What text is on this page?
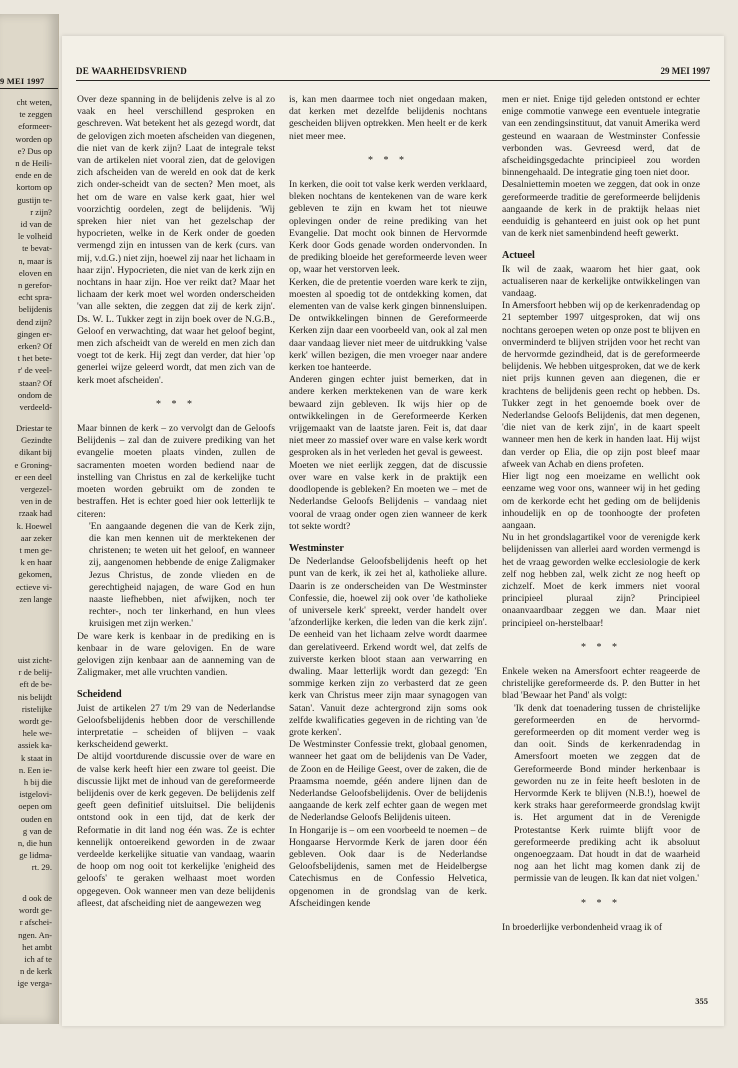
9 MEI 1997
cht weten,
te zeggen
eformeer-
worden op
e? Dus op
n de Heili-
ende en de
kortom op
gustijn te-
r zijn?
id van de
le volheid
te bevat-
n, maar is
eloven en
n gerefor-
echt spra-
belijdenis
dend zijn?
gingen er-
erken? Of
t het bete-
r' de veel-
staan? Of
ondom de
verdeeld-
Driestar te
Gezindte
dikant bij
e Groning-
er een deel
vergezel-
ven in de
rzaak had
k. Hoewel
aar zeker
t men ge-
k en haar
gekomen,
ectieve vi-
zen lange
uist zicht-
r de belij-
eft de be-
nis belijdt
ristelijke
wordt ge-
hele we-
assiek ka-
k staat in
n. Een ie-
h bij die
istgelovi-
oepen om
ouden en
g van de
n, die hun
ge lidma-
rt. 29.
d ook de
wordt ge-
r afschei-
ngen. An-
het ambt
ich af te
n de kerk
ige verga-
DE WAARHEIDSVRIEND	29 MEI 1997

Over deze spanning in de belijdenis zelve is al zo vaak en heel verschillend gesproken en geschreven. Wat betekent het als gezegd wordt, dat de gelovigen zich moeten afscheiden van diegenen, die niet van de kerk zijn? Laat de integrale tekst van de artikelen niet vooral zien, dat de gelovigen zich afscheiden van de wereld en ook dat de kerk zich onder-scheidt van de secten? Men moet, als het om de ware en valse kerk gaat, hier wel voorzichtig oordelen, zegt de belijdenis. 'Wij spreken hier niet van het gezelschap der hypocrieten, welke in de Kerk onder de goeden vermengd zijn en intussen van de kerk (curs. van mij, v.d.G.) niet zijn, hoewel zij naar het lichaam in haar zijn'. Hypocrieten, die niet van de kerk zijn en nochtans in haar zijn. Hoe ver reikt dat? Maar het lichaam der kerk moet wel worden onderscheiden 'van alle sekten, die zeggen dat zij de kerk zijn'. Ds. W. L. Tukker zegt in zijn boek over de N.G.B., Geloof en verwachting, dat waar het geloof begint, men zich afscheidt van de wereld en men zich dan voegt tot de kerk. Hij zegt dan verder, dat hier 'op generlei wijze geleerd wordt, dat men zich van de kerk moet afscheiden'.

* * *

Maar binnen de kerk – zo vervolgt dan de Geloofs Belijdenis – zal dan de zuivere prediking van het evangelie moeten plaats vinden, zullen de sacramenten moeten worden bediend naar de instelling van Christus en zal de kerkelijke tucht moeten worden gebruikt om de zonden te bestraffen. Het is echter goed hier ook letterlijk te citeren:

'En aangaande degenen die van de Kerk zijn, die kan men kennen uit de merktekenen der christenen; te weten uit het geloof, en wanneer zij, aangenomen hebbende de enige Zaligmaker Jezus Christus, de zonde vlieden en de gerechtigheid najagen, de ware God en hun naaste liefhebben, niet afwijken, noch ter rechter-, noch ter linkerhand, en hun vlees kruisigen met zijn werken.'

De ware kerk is kenbaar in de prediking en is kenbaar in de ware gelovigen. En de ware gelovigen zijn kenbaar aan de aanneming van de Zaligmaker, met alle vruchten vandien.

Scheidend

Juist de artikelen 27 t/m 29 van de Nederlandse Geloofsbelijdenis hebben door de verschillende interpretatie – scheiden of blijven – vaak kerkscheidend gewerkt.

De altijd voortdurende discussie over de ware en de valse kerk heeft hier een zware tol geeist. Die discussie lijkt met de inhoud van de gereformeerde belijdenis over de kerk gegeven. De belijdenis zelf geeft geen definitief uitsluitsel. Die belijdenis ontstond ook in een tijd, dat de kerk der Reformatie in dit land nog één was. Ze is echter kennelijk ontoereikend geworden in de zwaar verdeelde kerkelijke situatie van vandaag, waarin de hoop om nog ooit tot kerkelijke 'enigheid des geloofs' te geraken welhaast moet worden opgegeven. Ook wanneer men van deze belijdenis afleest, dat afscheiding niet de aangewezen weg

is, kan men daarmee toch niet ongedaan maken, dat kerken met dezelfde belijdenis nochtans gescheiden blijven optrekken. Men heelt er de kerk niet meer mee.

* * *

In kerken, die ooit tot valse kerk werden verklaard, bleken nochtans de kentekenen van de ware kerk gebleven te zijn en kwam het tot nieuwe oplevingen onder de reine prediking van het Evangelie. Dat mocht ook binnen de Hervormde Kerk door Gods genade worden ondervonden. In de prediking bloeide het gereformeerde leven weer op, waar het verstorven leek.

Kerken, die de pretentie voerden ware kerk te zijn, moesten al spoedig tot de ontdekking komen, dat elementen van de valse kerk gingen binnensluipen. De ontwikkelingen binnen de Gereformeerde Kerken zijn daar een voorbeeld van, ook al zal men daar vandaag liever niet meer de uitdrukking 'valse kerk' willen bezigen, die men vroeger naar andere kerken toe hanteerde.

Anderen gingen echter juist bemerken, dat in andere kerken merktekenen van de ware kerk bewaard zijn gebleven. Ik wijs hier op de ontwikkelingen in de Gereformeerde Kerken vrijgemaakt van de laatste jaren. Feit is, dat daar niet meer zo massief over ware en valse kerk wordt gesproken als in het verleden het geval is geweest.

Moeten we niet eerlijk zeggen, dat de discussie over ware en valse kerk in de praktijk een doodlopende is gebleken? En moeten we – met de Nederlandse Geloofs Belijdenis – vandaag niet vooral de vraag onder ogen zien wanneer de kerk tot sekte wordt?

Westminster

De Nederlandse Geloofsbelijdenis heeft op het punt van de kerk, ik zei het al, katholieke allure. Daarin is ze onderscheiden van De Westminster Confessie, die, hoewel zij ook over 'de katholieke of universele kerk' spreekt, verder handelt over 'afzonderlijke kerken, die leden van die kerk zijn'. De eenheid van het lichaam zelve wordt daarmee dan gerelativeerd. Erkend wordt wel, dat zelfs de zuiverste kerken bloot staan aan verwarring en dwaling. Maar letterlijk wordt dan gezegd: 'En sommige kerken zijn zo verbasterd dat ze geen kerk van Christus meer zijn maar synagogen van Satan'. Vanuit deze achtergrond zijn soms ook zelfde kwalificaties gegeven in de richting van 'de grote kerken'.

De Westminster Confessie trekt, globaal genomen, wanneer het gaat om de belijdenis van De Vader, de Zoon en de Heilige Geest, over de zaken, die de Praamsma noemde, géén andere lijnen dan de Nederlandse Geloofsbelijdenis. Over de belijdenis aangaande de kerk zelf echter gaan de wegen met de Nederlandse Geloofs Belijdenis uiteen.

In Hongarije is – om een voorbeeld te noemen – de Hongaarse Hervormde Kerk de jaren door één gebleven. Ook daar is de Nederlandse Geloofsbelijdenis, samen met de Heidelbergse Catechismus en de Confessio Helvetica, opgenomen in de grondslag van de kerk. Afscheidingen kende

men er niet. Enige tijd geleden ontstond er echter enige commotie vanwege een eventuele integratie van een zendingsinstituut, dat vanuit Amerika werd gesteund en waaraan de Westminster Confessie verbonden was. Gevreesd werd, dat de afscheidingsgedachte principieel zou worden binnengehaald. De integratie ging toen niet door.

Desalniettemin moeten we zeggen, dat ook in onze gereformeerde traditie de gereformeerde belijdenis aangaande de kerk in de praktijk helaas niet eenduidig is gehanteerd en juist ook op het punt van de kerk niet samenbindend heeft gewerkt.

Actueel

Ik wil de zaak, waarom het hier gaat, ook actualiseren naar de kerkelijke ontwikkelingen van vandaag.

In Amersfoort hebben wij op de kerkenradendag op 21 september 1997 uitgesproken, dat wij ons nochtans geroepen weten op onze post te blijven en onverminderd te blijven strijden voor het recht van de hervormde gezindheid, dat is de gereformeerde belijdenis. We hebben uitgesproken, dat we de kerk niet prijs kunnen geven aan diegenen, die er krachtens de belijdenis geen recht op hebben. Ds. Tukker zegt in het genoemde boek over de Nederlandse Geloofs Belijdenis, dat men degenen, 'die niet van de kerk zijn', in de kaart speelt wanneer men hen de kerk in handen laat. Hij wijst dan verder op Elia, die op zijn post bleef maar afweek van Achab en diens profeten.

Hier ligt nog een moeizame en wellicht ook eenzame weg voor ons, wanneer wij in het geding om de kerkorde echt het geding om de belijdenis inhoudelijk en op de toonhoogte der profeten aangaan.

Nu in het grondslagartikel voor de verenigde kerk belijdenissen van allerlei aard worden vermengd is het de vraag geworden welke ecclesiologie de kerk zelf nog hebben zal, welk zicht ze nog heeft op zichzelf. Moet de kerk immers niet vooral principieel pluraal zijn? Principieel onaanvaardbaar zeggen we dan. Maar niet principieel on-herstelbaar!

* * *

Enkele weken na Amersfoort echter reageerde de christelijke gereformeerde ds. P. den Butter in het blad 'Bewaar het Pand' als volgt:

'Ik denk dat toenadering tussen de christelijke gereformeerden en de hervormd-gereformeerden op dit moment verder weg is dan ooit. Sinds de kerkenradendag in Amersfoort moeten we zeggen dat de Gereformeerde Bond minder herkenbaar is geworden nu ze in feite heeft besloten in de Hervormde Kerk te blijven (N.B.!), hoewel de kerk straks haar gereformeerde grondslag kwijt is. Het argument dat in de Verenigde Protestantse Kerk ruimte blijft voor de gereformeerde prediking acht ik absoluut ongenoegzaam. Dat houdt in dat de waarheid nog aan het licht mag komen dank zij de permissie van de leugen. Ik kan dat niet volgen.'

* * *

In broederlijke verbondenheid vraag ik of

355
